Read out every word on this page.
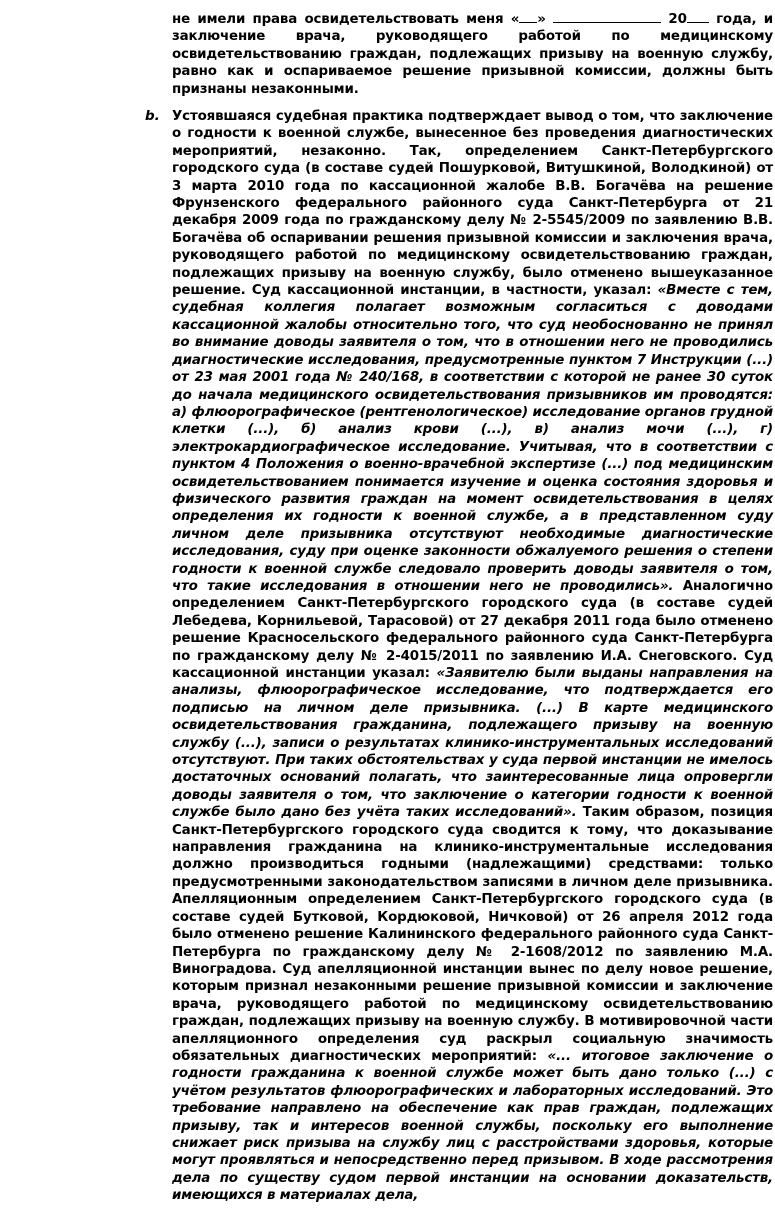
не имели права освидетельствовать меня « »	20 года, и заключение врача, руководящего работой по медицинскому освидетельствованию граждан, подлежащих призыву на военную службу, равно как и оспариваемое решение призывной комиссии, должны быть признаны незаконными.

b. Устоявшаяся судебная практика подтверждает вывод о том, что заключение о годности к военной службе, вынесенное без проведения диагностических мероприятий, незаконно. Так, определением Санкт-Петербургского городского суда (в составе судей Пошурковой, Витушкиной, Володкиной) от 3 марта 2010 года по кассационной жалобе В.В. Богачёва на решение Фрунзенского федерального районного суда Санкт-Петербурга от 21 декабря 2009 года по гражданскому делу № 2-5545/2009 по заявлению В.В. Богачёва об оспаривании решения призывной комиссии и заключения врача, руководящего работой по медицинскому освидетельствованию граждан, подлежащих призыву на военную службу, было отменено вышеуказанное решение. Суд кассационной инстанции, в частности, указал: «Вместе с тем, судебная коллегия полагает возможным согласиться с доводами кассационной жалобы относительно того, что суд необоснованно не принял во внимание доводы заявителя о том, что в отношении него не проводились диагностические исследования, предусмотренные пунктом 7 Инструкции (...) от 23 мая 2001 года № 240/168, в соответствии с которой не ранее 30 суток до начала медицинского освидетельствования призывников им проводятся: а) флюорографическое (рентгенологическое) исследование органов грудной клетки (...), б) анализ крови (...), в) анализ мочи (...), г) электрокардиографическое исследование. Учитывая, что в соответствии с пунктом 4 Положения о военно-врачебной экспертизе (...) под медицинским освидетельствованием понимается изучение и оценка состояния здоровья и физического развития граждан на момент освидетельствования в целях определения их годности к военной службе, а в представленном суду личном деле призывника отсутствуют необходимые диагностические исследования, суду при оценке законности обжалуемого решения о степени годности к военной службе следовало проверить доводы заявителя о том, что такие исследования в отношении него не проводились». Аналогично определением Санкт-Петербургского городского суда (в составе судей Лебедева, Корнильевой, Тарасовой) от 27 декабря 2011 года было отменено решение Красносельского федерального районного суда Санкт-Петербурга по гражданскому делу № 2-4015/2011 по заявлению И.А. Снеговского. Суд кассационной инстанции указал: «Заявителю были выданы направления на анализы, флюорографическое исследование, что подтверждается его подписью на личном деле призывника. (...) В карте медицинского освидетельствования гражданина, подлежащего призыву на военную службу (...), записи о результатах клинико-инструментальных исследований отсутствуют. При таких обстоятельствах у суда первой инстанции не имелось достаточных оснований полагать, что заинтересованные лица опровергли доводы заявителя о том, что заключение о категории годности к военной службе было дано без учёта таких исследований». Таким образом, позиция Санкт-Петербургского городского суда сводится к тому, что доказывание направления гражданина на клинико-инструментальные исследования должно производиться годными (надлежащими) средствами: только предусмотренными законодательством записями в личном деле призывника. Апелляционным определением Санкт-Петербургского городского суда (в составе судей Бутковой, Кордюковой, Ничковой) от 26 апреля 2012 года было отменено решение Калининского федерального районного суда Санкт-Петербурга по гражданскому делу № 2-1608/2012 по заявлению М.А. Виноградова. Суд апелляционной инстанции вынес по делу новое решение, которым признал незаконными решение призывной комиссии и заключение врача, руководящего работой по медицинскому освидетельствованию граждан, подлежащих призыву на военную службу. В мотивировочной части апелляционного определения суд раскрыл социальную значимость обязательных диагностических мероприятий: «... итоговое заключение о годности гражданина к военной службе может быть дано только (...) с учётом результатов флюорографических и лабораторных исследований. Это требование направлено на обеспечение как прав граждан, подлежащих призыву, так и интересов военной службы, поскольку его выполнение снижает риск призыва на службу лиц с расстройствами здоровья, которые могут проявляться и непосредственно перед призывом. В ходе рассмотрения дела по существу судом первой инстанции на основании доказательств, имеющихся в материалах дела,
